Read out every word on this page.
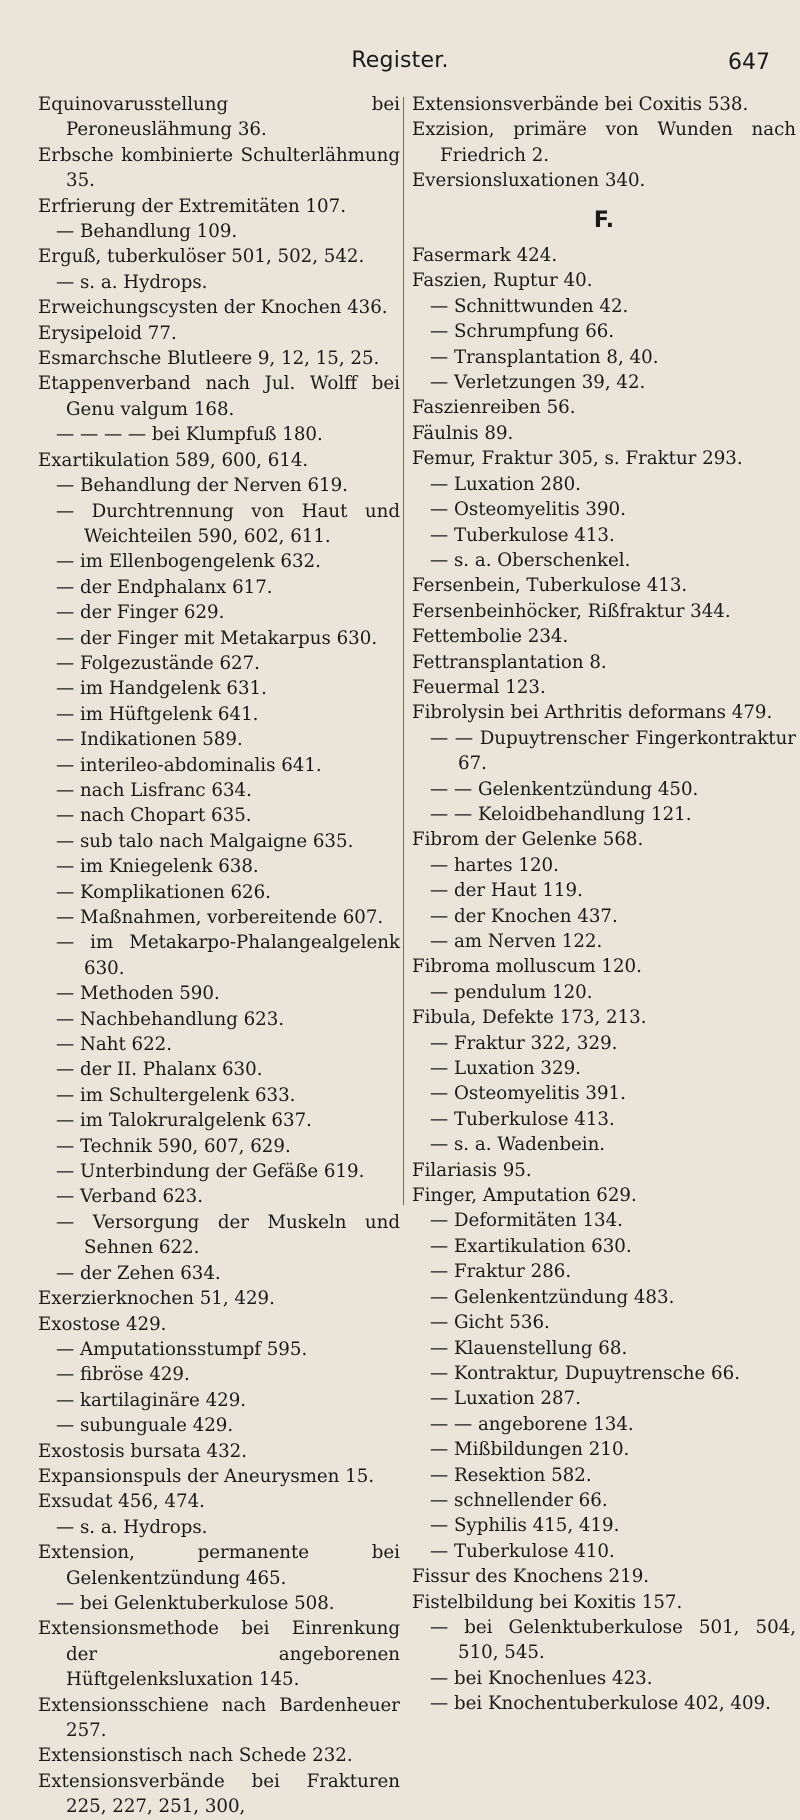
Register.	647
Equinovarusstellung bei Peroneuslähmung 36.
Erbsche kombinierte Schulterlähmung 35.
Erfrierung der Extremitäten 107.
— Behandlung 109.
Erguß, tuberkulöser 501, 502, 542.
— s. a. Hydrops.
Erweichungscysten der Knochen 436.
Erysipeloid 77.
Esmarchsche Blutleere 9, 12, 15, 25.
Etappenverband nach Jul. Wolff bei Genu valgum 168.
— — — — bei Klumpfuß 180.
Exartikulation 589, 600, 614.
— Behandlung der Nerven 619.
— Durchtrennung von Haut und Weichteilen 590, 602, 611.
— im Ellenbogengelenk 632.
— der Endphalanx 617.
— der Finger 629.
— der Finger mit Metakarpus 630.
— Folgezustände 627.
— im Handgelenk 631.
— im Hüftgelenk 641.
— Indikationen 589.
— interileo-abdominalis 641.
— nach Lisfranc 634.
— nach Chopart 635.
— sub talo nach Malgaigne 635.
— im Kniegelenk 638.
— Komplikationen 626.
— Maßnahmen, vorbereitende 607.
— im Metakarpo-Phalangealgelenk 630.
— Methoden 590.
— Nachbehandlung 623.
— Naht 622.
— der II. Phalanx 630.
— im Schultergelenk 633.
— im Talokruralgelenk 637.
— Technik 590, 607, 629.
— Unterbindung der Gefäße 619.
— Verband 623.
— Versorgung der Muskeln und Sehnen 622.
— der Zehen 634.
Exerzierknochen 51, 429.
Exostose 429.
— Amputationsstumpf 595.
— fibröse 429.
— kartilaginäre 429.
— subunguale 429.
Exostosis bursata 432.
Expansionspuls der Aneurysmen 15.
Exsudat 456, 474.
— s. a. Hydrops.
Extension, permanente bei Gelenkentzündung 465.
— bei Gelenktuberkulose 508.
Extensionsmethode bei Einrenkung der angeborenen Hüftgelenksluxation 145.
Extensionsschiene nach Bardenheuer 257.
Extensionstisch nach Schede 232.
Extensionsverbände bei Frakturen 225, 227, 251, 300,
Extensionsverbände bei Coxitis 538.
Exzision, primäre von Wunden nach Friedrich 2.
Eversionsluxationen 340.
F.
Fasermark 424.
Faszien, Ruptur 40.
— Schnittwunden 42.
— Schrumpfung 66.
— Transplantation 8, 40.
— Verletzungen 39, 42.
Faszienreiben 56.
Fäulnis 89.
Femur, Fraktur 305, s. Fraktur 293.
— Luxation 280.
— Osteomyelitis 390.
— Tuberkulose 413.
— s. a. Oberschenkel.
Fersenbein, Tuberkulose 413.
Fersenbeinhöcker, Rißfraktur 344.
Fettembolie 234.
Fettransplantation 8.
Feuermal 123.
Fibrolysin bei Arthritis deformans 479.
— — Dupuytrenscher Fingerkontraktur 67.
— — Gelenkentzündung 450.
— — Keloidbehandlung 121.
Fibrom der Gelenke 568.
— hartes 120.
— der Haut 119.
— der Knochen 437.
— am Nerven 122.
Fibroma molluscum 120.
— pendulum 120.
Fibula, Defekte 173, 213.
— Fraktur 322, 329.
— Luxation 329.
— Osteomyelitis 391.
— Tuberkulose 413.
— s. a. Wadenbein.
Filariasis 95.
Finger, Amputation 629.
— Deformitäten 134.
— Exartikulation 630.
— Fraktur 286.
— Gelenkentzündung 483.
— Gicht 536.
— Klauenstellung 68.
— Kontraktur, Dupuytrensche 66.
— Luxation 287.
— — angeborene 134.
— Mißbildungen 210.
— Resektion 582.
— schnellender 66.
— Syphilis 415, 419.
— Tuberkulose 410.
Fissur des Knochens 219.
Fistelbildung bei Koxitis 157.
— bei Gelenktuberkulose 501, 504, 510, 545.
— bei Knochenlues 423.
— bei Knochentuberkulose 402, 409.
